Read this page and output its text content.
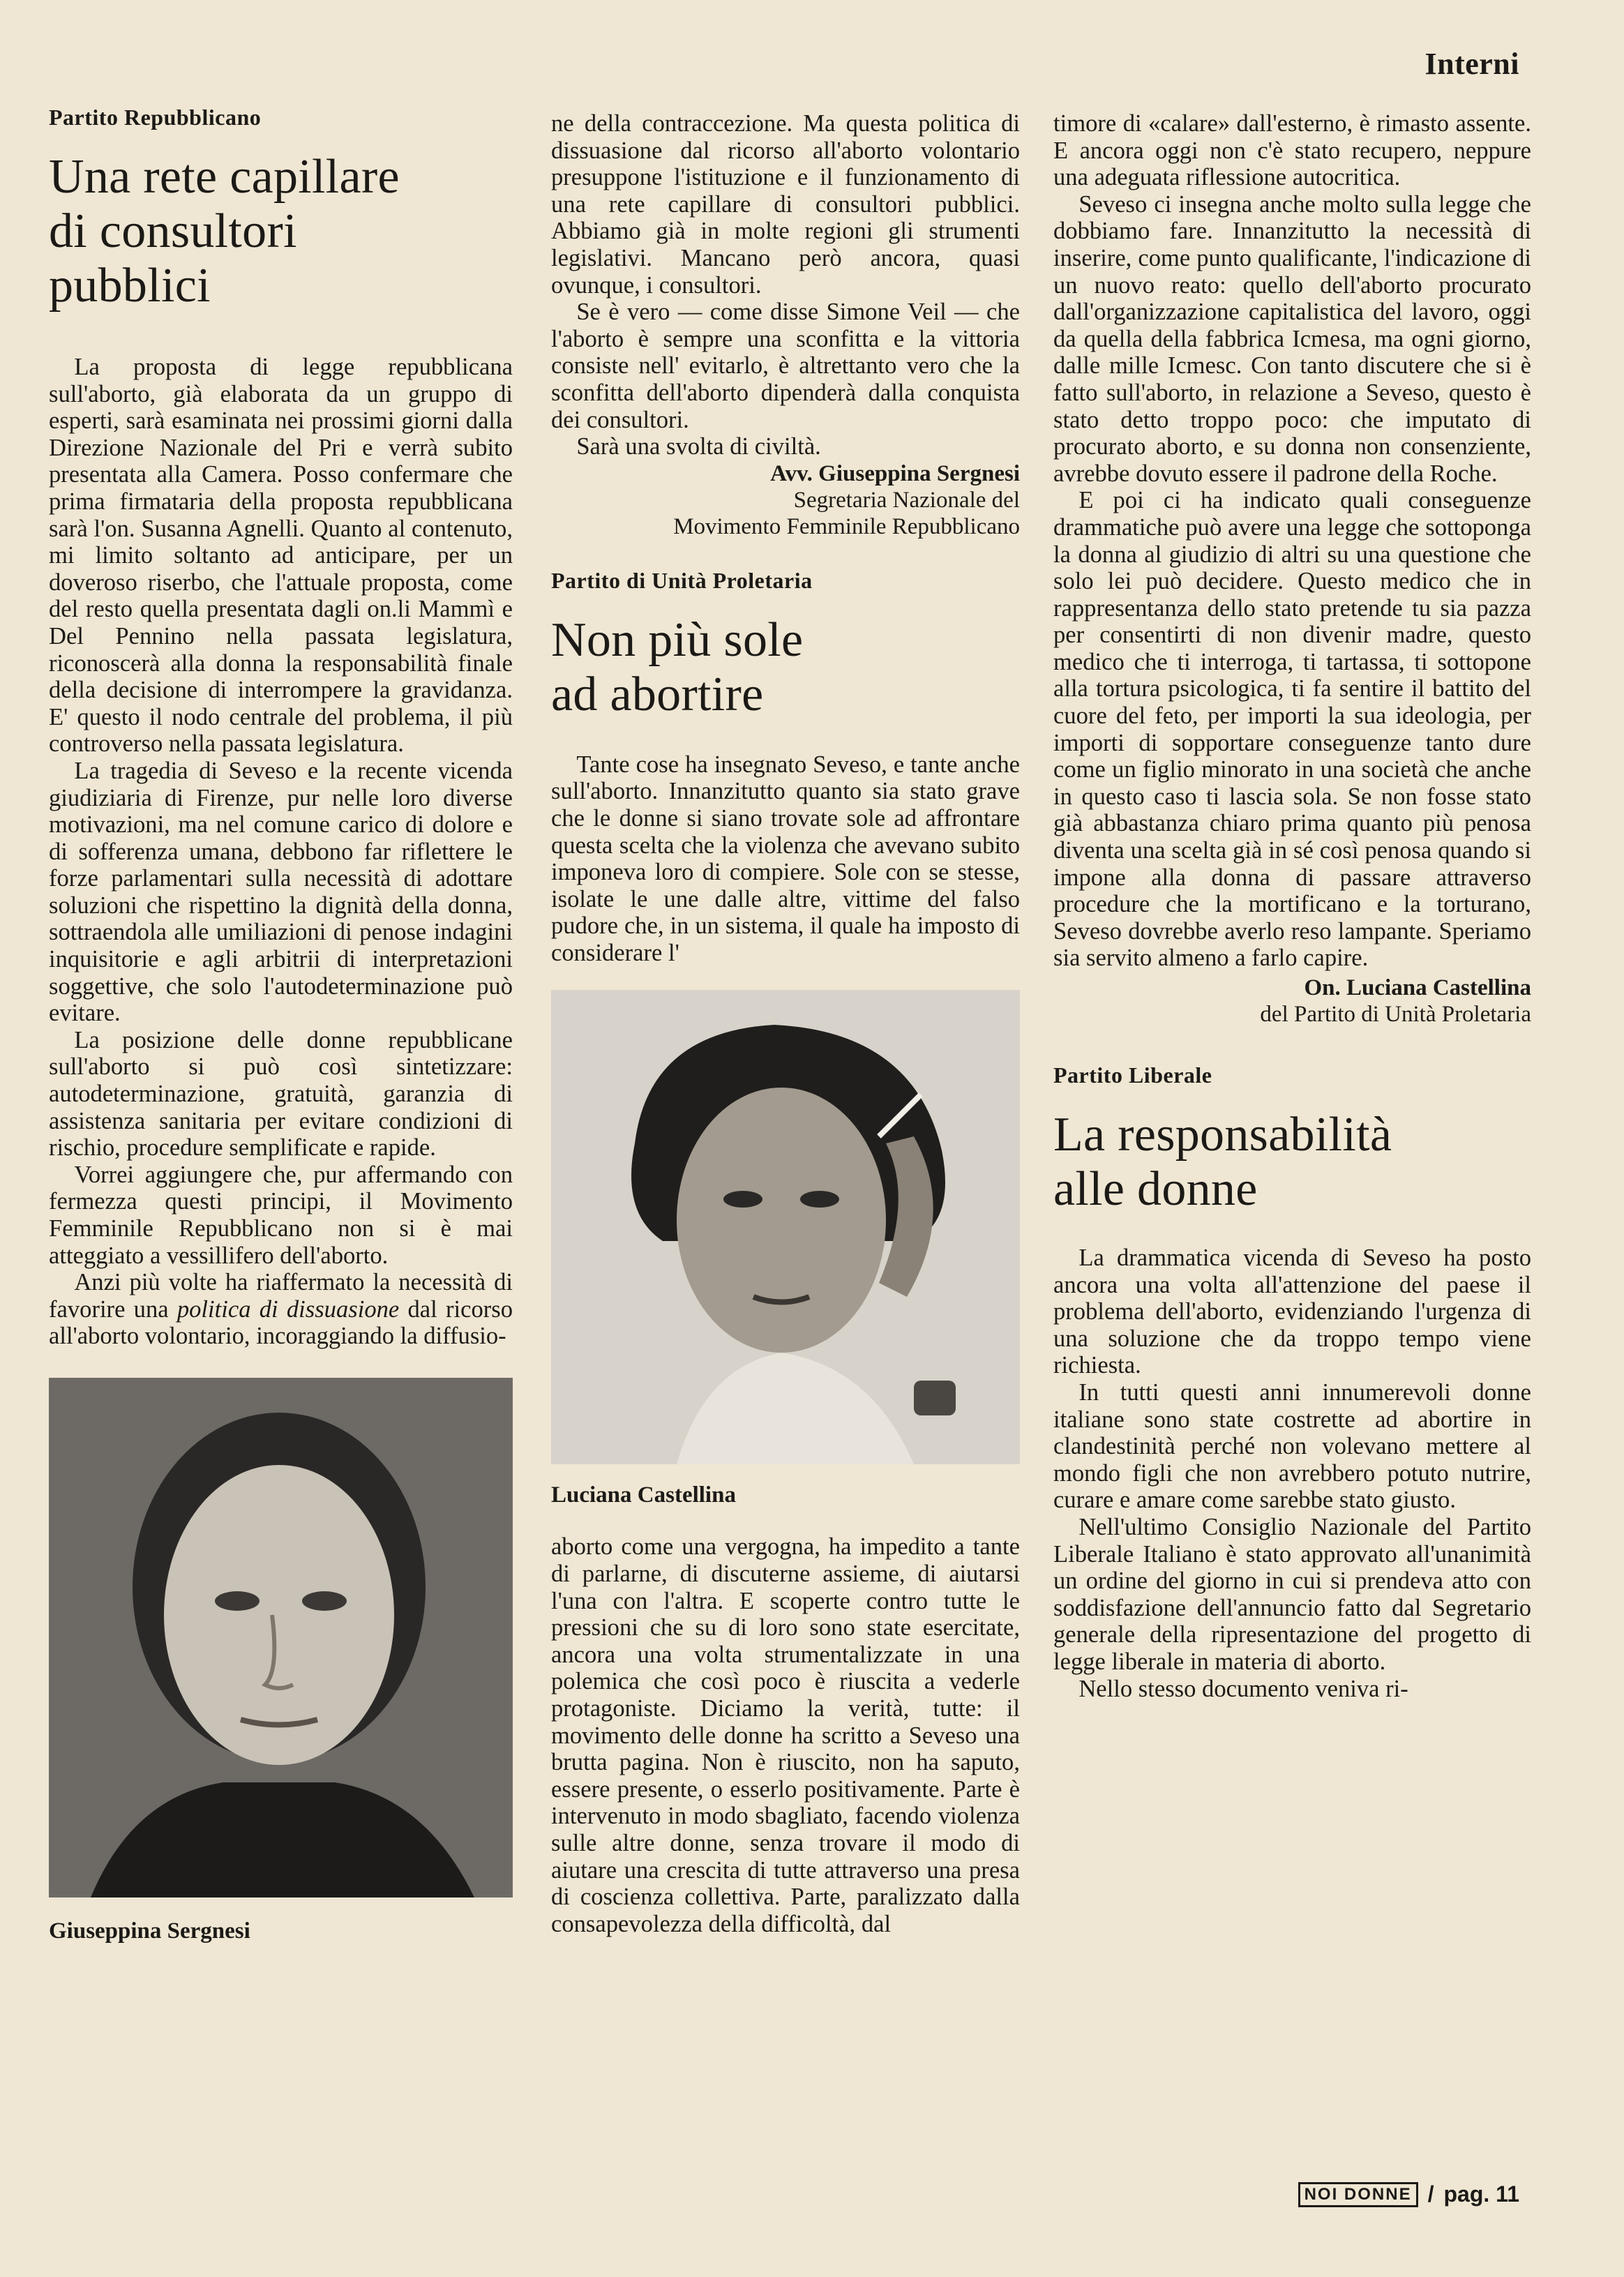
Interni
Partito Repubblicano
Una rete capillare
di consultori
pubblici

La proposta di legge repubblicana sull'aborto, già elaborata da un gruppo di esperti, sarà esaminata nei prossimi giorni dalla Direzione Nazionale del Pri e verrà subito presentata alla Camera. Posso confermare che prima firmataria della proposta repubblicana sarà l'on. Susanna Agnelli. Quanto al contenuto, mi limito soltanto ad anticipare, per un doveroso riserbo, che l'attuale proposta, come del resto quella presentata dagli on.li Mammì e Del Pennino nella passata legislatura, riconoscerà alla donna la responsabilità finale della decisione di interrompere la gravidanza. E' questo il nodo centrale del problema, il più controverso nella passata legislatura.

La tragedia di Seveso e la recente vicenda giudiziaria di Firenze, pur nelle loro diverse motivazioni, ma nel comune carico di dolore e di sofferenza umana, debbono far riflettere le forze parlamentari sulla necessità di adottare soluzioni che rispettino la dignità della donna, sottraendola alle umiliazioni di penose indagini inquisitorie e agli arbitrii di interpretazioni soggettive, che solo l'autodeterminazione può evitare.

La posizione delle donne repubblicane sull'aborto si può così sintetizzare: autodeterminazione, gratuità, garanzia di assistenza sanitaria per evitare condizioni di rischio, procedure semplificate e rapide.

Vorrei aggiungere che, pur affermando con fermezza questi principi, il Movimento Femminile Repubblicano non si è mai atteggiato a vessillifero dell'aborto.

Anzi più volte ha riaffermato la necessità di favorire una politica di dissuasione dal ricorso all'aborto volontario, incoraggiando la diffusio-

Giuseppina Sergnesi

ne della contraccezione. Ma questa politica di dissuasione dal ricorso all'aborto volontario presuppone l'istituzione e il funzionamento di una rete capillare di consultori pubblici. Abbiamo già in molte regioni gli strumenti legislativi. Mancano però ancora, quasi ovunque, i consultori.

Se è vero — come disse Simone Veil — che l'aborto è sempre una sconfitta e la vittoria consiste nell' evitarlo, è altrettanto vero che la sconfitta dell'aborto dipenderà dalla conquista dei consultori.

Sarà una svolta di civiltà.

Avv. Giuseppina Sergnesi
Segretaria Nazionale del
Movimento Femminile Repubblicano
Partito di Unità Proletaria
Non più sole
ad abortire

Tante cose ha insegnato Seveso, e tante anche sull'aborto. Innanzitutto quanto sia stato grave che le donne si siano trovate sole ad affrontare questa scelta che la violenza che avevano subito imponeva loro di compiere. Sole con se stesse, isolate le une dalle altre, vittime del falso pudore che, in un sistema, il quale ha imposto di considerare l'

Luciana Castellina

aborto come una vergogna, ha impedito a tante di parlarne, di discuterne assieme, di aiutarsi l'una con l'altra. E scoperte contro tutte le pressioni che su di loro sono state esercitate, ancora una volta strumentalizzate in una polemica che così poco è riuscita a vederle protagoniste. Diciamo la verità, tutte: il movimento delle donne ha scritto a Seveso una brutta pagina. Non è riuscito, non ha saputo, essere presente, o esserlo positivamente. Parte è intervenuto in modo sbagliato, facendo violenza sulle altre donne, senza trovare il modo di aiutare una crescita di tutte attraverso una presa di coscienza collettiva. Parte, paralizzato dalla consapevolezza della difficoltà, dal

timore di «calare» dall'esterno, è rimasto assente. E ancora oggi non c'è stato recupero, neppure una adeguata riflessione autocritica.

Seveso ci insegna anche molto sulla legge che dobbiamo fare. Innanzitutto la necessità di inserire, come punto qualificante, l'indicazione di un nuovo reato: quello dell'aborto procurato dall'organizzazione capitalistica del lavoro, oggi da quella della fabbrica Icmesa, ma ogni giorno, dalle mille Icmesc. Con tanto discutere che si è fatto sull'aborto, in relazione a Seveso, questo è stato detto troppo poco: che imputato di procurato aborto, e su donna non consenziente, avrebbe dovuto essere il padrone della Roche.

E poi ci ha indicato quali conseguenze drammatiche può avere una legge che sottoponga la donna al giudizio di altri su una questione che solo lei può decidere. Questo medico che in rappresentanza dello stato pretende tu sia pazza per consentirti di non divenir madre, questo medico che ti interroga, ti tartassa, ti sottopone alla tortura psicologica, ti fa sentire il battito del cuore del feto, per importi la sua ideologia, per importi di sopportare conseguenze tanto dure come un figlio minorato in una società che anche in questo caso ti lascia sola. Se non fosse stato già abbastanza chiaro prima quanto più penosa diventa una scelta già in sé così penosa quando si impone alla donna di passare attraverso procedure che la mortificano e la torturano, Seveso dovrebbe averlo reso lampante. Speriamo sia servito almeno a farlo capire.

On. Luciana Castellina
del Partito di Unità Proletaria
Partito Liberale
La responsabilità
alle donne

La drammatica vicenda di Seveso ha posto ancora una volta all'attenzione del paese il problema dell'aborto, evidenziando l'urgenza di una soluzione che da troppo tempo viene richiesta.

In tutti questi anni innumerevoli donne italiane sono state costrette ad abortire in clandestinità perché non volevano mettere al mondo figli che non avrebbero potuto nutrire, curare e amare come sarebbe stato giusto.

Nell'ultimo Consiglio Nazionale del Partito Liberale Italiano è stato approvato all'unanimità un ordine del giorno in cui si prendeva atto con soddisfazione dell'annuncio fatto dal Segretario generale della ripresentazione del progetto di legge liberale in materia di aborto.

Nello stesso documento veniva ri-

NOI DONNE / pag. 11
